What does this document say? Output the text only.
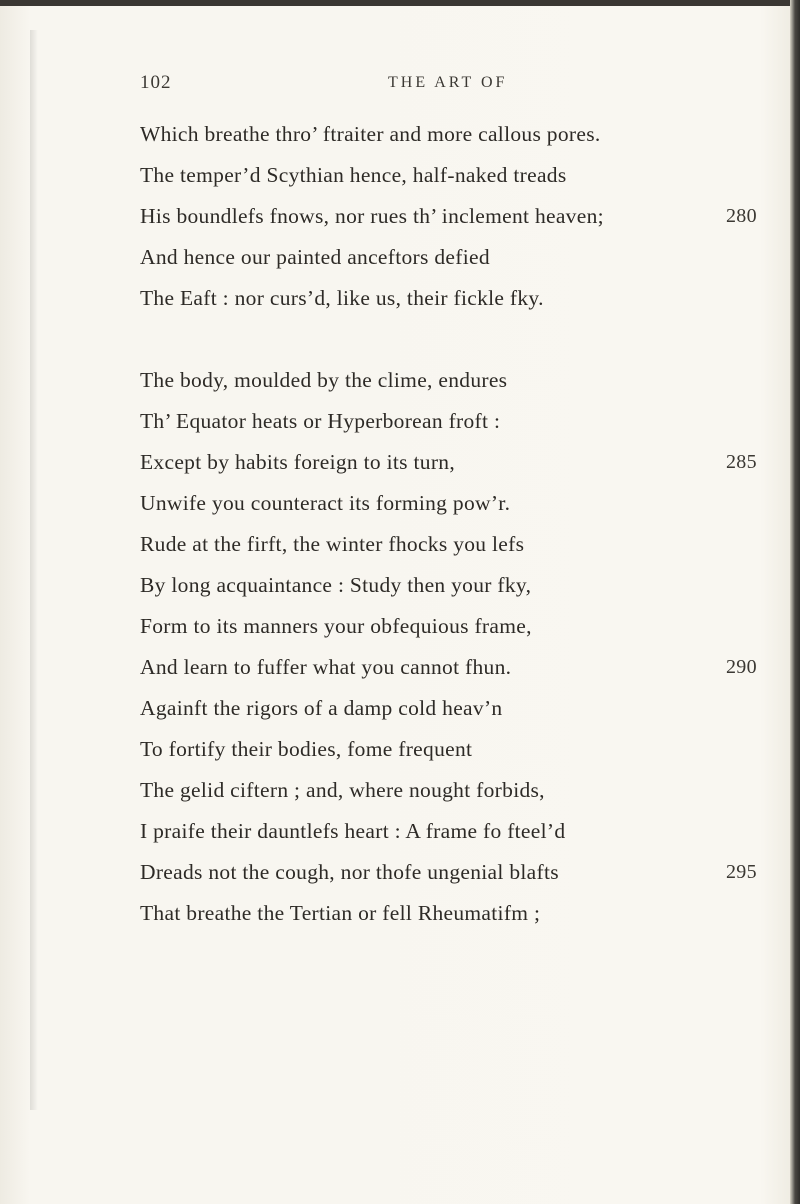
102	THE ART OF
Which breathe thro’ ftraiter and more callous pores.
The temper’d Scythian hence, half-naked treads
His boundlefs fnows, nor rues th’ inclement heaven;	280
And hence our painted anceftors defied
The Eaft : nor curs’d, like us, their fickle fky.
The body, moulded by the clime, endures
Th’ Equator heats or Hyperborean froft :
Except by habits foreign to its turn,	285
Unwife you counteract its forming pow’r.
Rude at the firft, the winter fhocks you lefs
By long acquaintance : Study then your fky,
Form to its manners your obfequious frame,
And learn to fuffer what you cannot fhun.	290
Againft the rigors of a damp cold heav’n
To fortify their bodies, fome frequent
The gelid ciftern ; and, where nought forbids,
I praife their dauntlefs heart : A frame fo fteel’d
Dreads not the cough, nor thofe ungenial blafts	295
That breathe the Tertian or fell Rheumatifm ;
